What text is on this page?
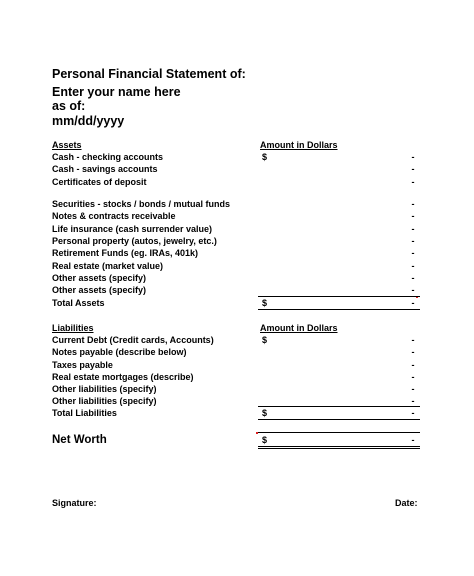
Personal Financial Statement of:
Enter your name here
as of:
mm/dd/yyyy
Assets	Amount in Dollars
Cash - checking accounts	$	-
Cash - savings accounts	-
Certificates of deposit	-
Securities - stocks / bonds / mutual funds	-
Notes & contracts receivable	-
Life insurance (cash surrender value)	-
Personal property (autos, jewelry, etc.)	-
Retirement Funds (eg. IRAs, 401k)	-
Real estate (market value)	-
Other assets (specify)	-
Other assets (specify)	-
Total Assets	$	-
Liabilities	Amount in Dollars
Current Debt (Credit cards, Accounts)	$	-
Notes payable (describe below)	-
Taxes payable	-
Real estate mortgages (describe)	-
Other liabilities (specify)	-
Other liabilities (specify)	-
Total Liabilities	$	-
Net Worth	$	-
Signature:	Date:
